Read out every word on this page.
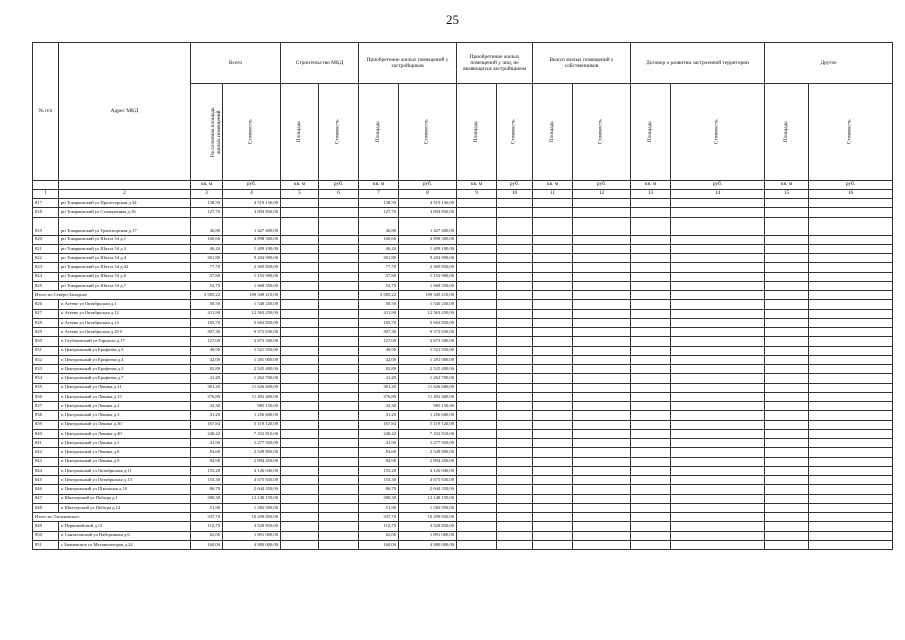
25
№ п/п	Адрес МКД	Всего		Строительство МКД		Приобретение жилых помещений у застройщиков		Приобретение жилых помещений у лиц, не являющихся застройщиком		Выкуп жилых помещений у собственников		Договор о развитии застроенной территории		Другое	
		Расселяемая площадь жилых помещений	Стоимость	Площадь	Стоимость	Площадь	Стоимость	Площадь	Стоимость	Площадь	Стоимость	Площадь	Стоимость	Площадь	Стоимость
		кв. м	руб.	кв. м	руб.	кв. м	руб.	кв. м	руб.	кв. м	руб.	кв. м	руб.	кв. м	руб.
1	2	3	4	5	6	7	8	9	10	11	12	13	14	15	16
817	рп Товарковский ул Пролетарская д.34	138,50	4 519 136,00			138,50	4 519 136,00								
818	рп Товарковский ул Станционная д.16	127,70	3 894 850,00			127,70	3 894 850,00								
819	рп Товарковский ул Транспортная д.17	46,80	1 427 400,00			46,80	1 427 400,00								
820	рп Товарковский ул Шахта 54 д.1	160,60	4 898 300,00			160,60	4 898 300,00								
821	рп Товарковский ул Шахта 54 д.3	46,20	1 409 100,00			46,20	1 409 100,00								
822	рп Товарковский ул Шахта 54 д.4	301,80	9 204 900,00			301,80	9 204 900,00								
823	рп Товарковский ул Шахта 54 д.42	77,70	2 369 850,00			77,70	2 369 850,00								
824	рп Товарковский ул Шахта 54 д.6	37,80	1 152 900,00			37,80	1 152 900,00								
825	рп Товарковский ул Шахта 54 д.7	54,70	1 668 350,00			54,70	1 668 350,00								
Итого по Северо-Западное		3 585,22	109 349 210,00			3 585,22	109 349 210,00								
826	п Агеево ул Октябрьская д.1	50,50	1 540 250,00			50,50	1 540 250,00								
827	п Агеево ул Октябрьская д.12	411,90	12 563 250,00			411,90	12 563 250,00								
828	п Агеево ул Октябрьская д.14	185,70	5 663 850,00			185,70	5 663 850,00								
829	п Агеево ул Октябрьская д.29 б	307,30	9 372 650,00			307,30	9 372 650,00								
830	п Глубоковский ул Горького д.17	127,00	3 873 500,00			127,00	3 873 500,00								
831	п Центральный ул Ерофеева д.3	49,90	1 521 950,00			49,90	1 521 950,00								
832	п Центральный ул Ерофеева д.4	42,00	1 281 000,00			42,00	1 281 000,00								
833	п Центральный ул Ерофеева д.5	82,80	2 525 400,00			82,80	2 525 400,00								
834	п Центральный ул Ерофеева д.7	41,40	1 262 700,00			41,40	1 262 700,00								
835	п Центральный ул Ленина д.11	381,20	11 626 600,00			381,20	11 626 600,00								
836	п Центральный ул Ленина д.13	376,80	11 492 400,00			376,80	11 492 400,00								
837	п Центральный ул Ленина д.2	32,30	985 150,00			32,30	985 150,00								
838	п Центральный ул Ленина д.3	41,20	1 256 600,00			41,20	1 256 600,00								
839	п Центральный ул Ленина д.30	167,84	5 119 120,00			167,84	5 119 120,00								
840	п Центральный ул Ленина д.40	240,42	7 332 810,00			240,42	7 332 810,00								
841	п Центральный ул Ленина д.5	41,90	1 277 950,00			41,90	1 277 950,00								
842	п Центральный ул Ленина д.8	83,60	2 549 800,00			83,60	2 549 800,00								
843	п Центральный ул Ленина д.9	94,90	2 894 450,00			94,90	2 894 450,00								
844	п Центральный ул Октябрьская д.11	135,28	4 126 040,00			135,28	4 126 040,00								
845	п Центральный ул Октябрьская д.13	153,30	4 675 650,00			153,30	4 675 650,00								
846	п Центральный ул Школьная д.10	86,70	2 644 350,00			86,70	2 644 350,00								
847	п Шахтерский ул Победы д.1	398,30	12 148 150,00			398,30	12 148 150,00								
848	п Шахтерский ул Победы д.14	51,90	1 582 950,00			51,90	1 582 950,00								
Итого по Таежковское:		337,70	10 299 850,00			337,70	10 299 850,00								
849	п Первомайский д.12	115,70	3 528 850,00			115,70	3 528 850,00								
850	п Санталовский ул Набережная д.6	62,00	1 891 000,00			62,00	1 891 000,00								
851	с Знаменское ул Механизаторов д.24	160,00	4 880 000,00			160,00	4 880 000,00								
